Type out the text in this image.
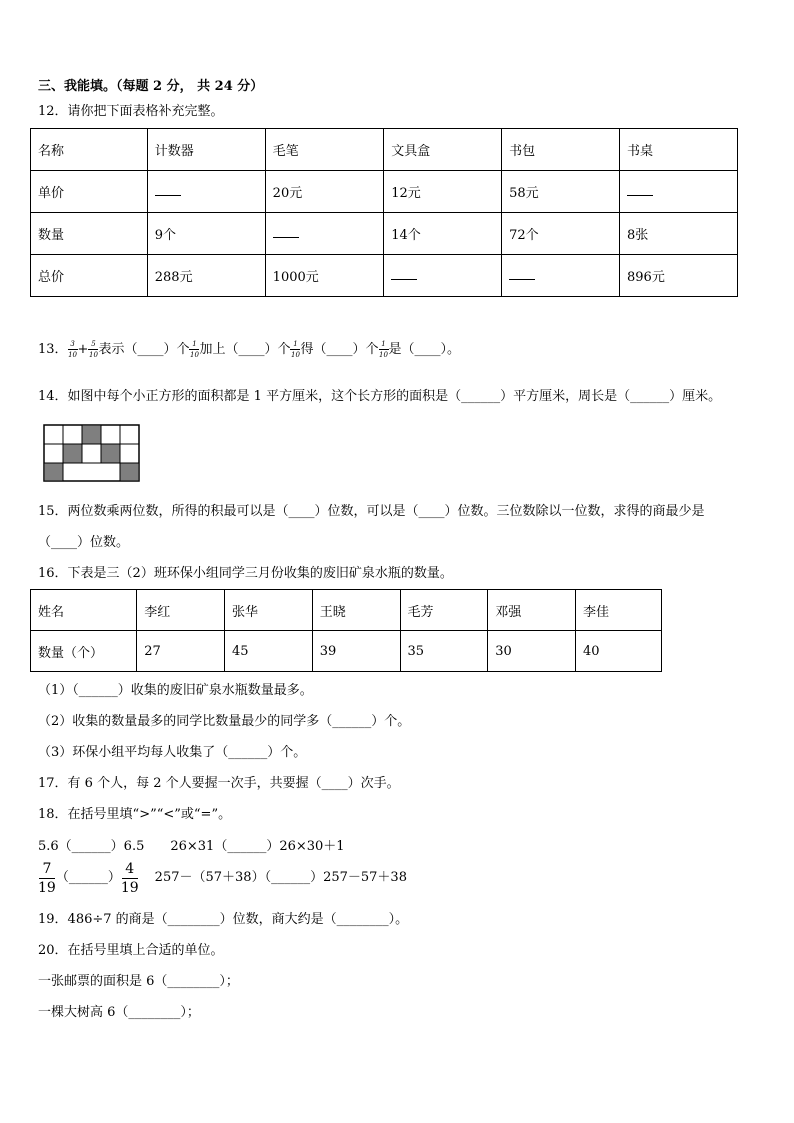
三、我能填。（每题 2 分， 共 24 分）
12．请你把下面表格补充完整。
名称	计数器	毛笔	文具盒	书包	书桌
单价		20元	12元	58元	
数量	9个		14个	72个	8张
总价	288元	1000元			896元
13． $\frac{3}{10} + \frac{5}{10}$ 表示（____）个 $\frac{1}{10}$ 加上（____）个 $\frac{1}{10}$ 得（____）个 $\frac{1}{10}$ 是（____）。
14．如图中每个小正方形的面积都是 1 平方厘米，这个长方形的面积是（______）平方厘米，周长是（______）厘米。
15．两位数乘两位数，所得的积最可以是（____）位数，可以是（____）位数。三位数除以一位数，求得的商最少是
（____）位数。
16．下表是三（2）班环保小组同学三月份收集的废旧矿泉水瓶的数量。
姓名	李红	张华	王晓	毛芳	邓强	李佳
数量（个）	27	45	39	35	30	40
（1）（______）收集的废旧矿泉水瓶数量最多。
（2）收集的数量最多的同学比数量最少的同学多（______）个。
（3）环保小组平均每人收集了（______）个。
17．有 6 个人，每 2 个人要握一次手，共要握（____）次手。
18．在括号里填“>”“<”或“=”。
5.6（______）6.5　　26×31（______）26×30＋1
$\frac{7}{19}$ （______） $\frac{4}{19}$ 257－（57＋38）（______）257－57＋38
19．486÷7 的商是（________）位数，商大约是（________）。
20．在括号里填上合适的单位。
一张邮票的面积是 6（________）；
一棵大树高 6（________）；
